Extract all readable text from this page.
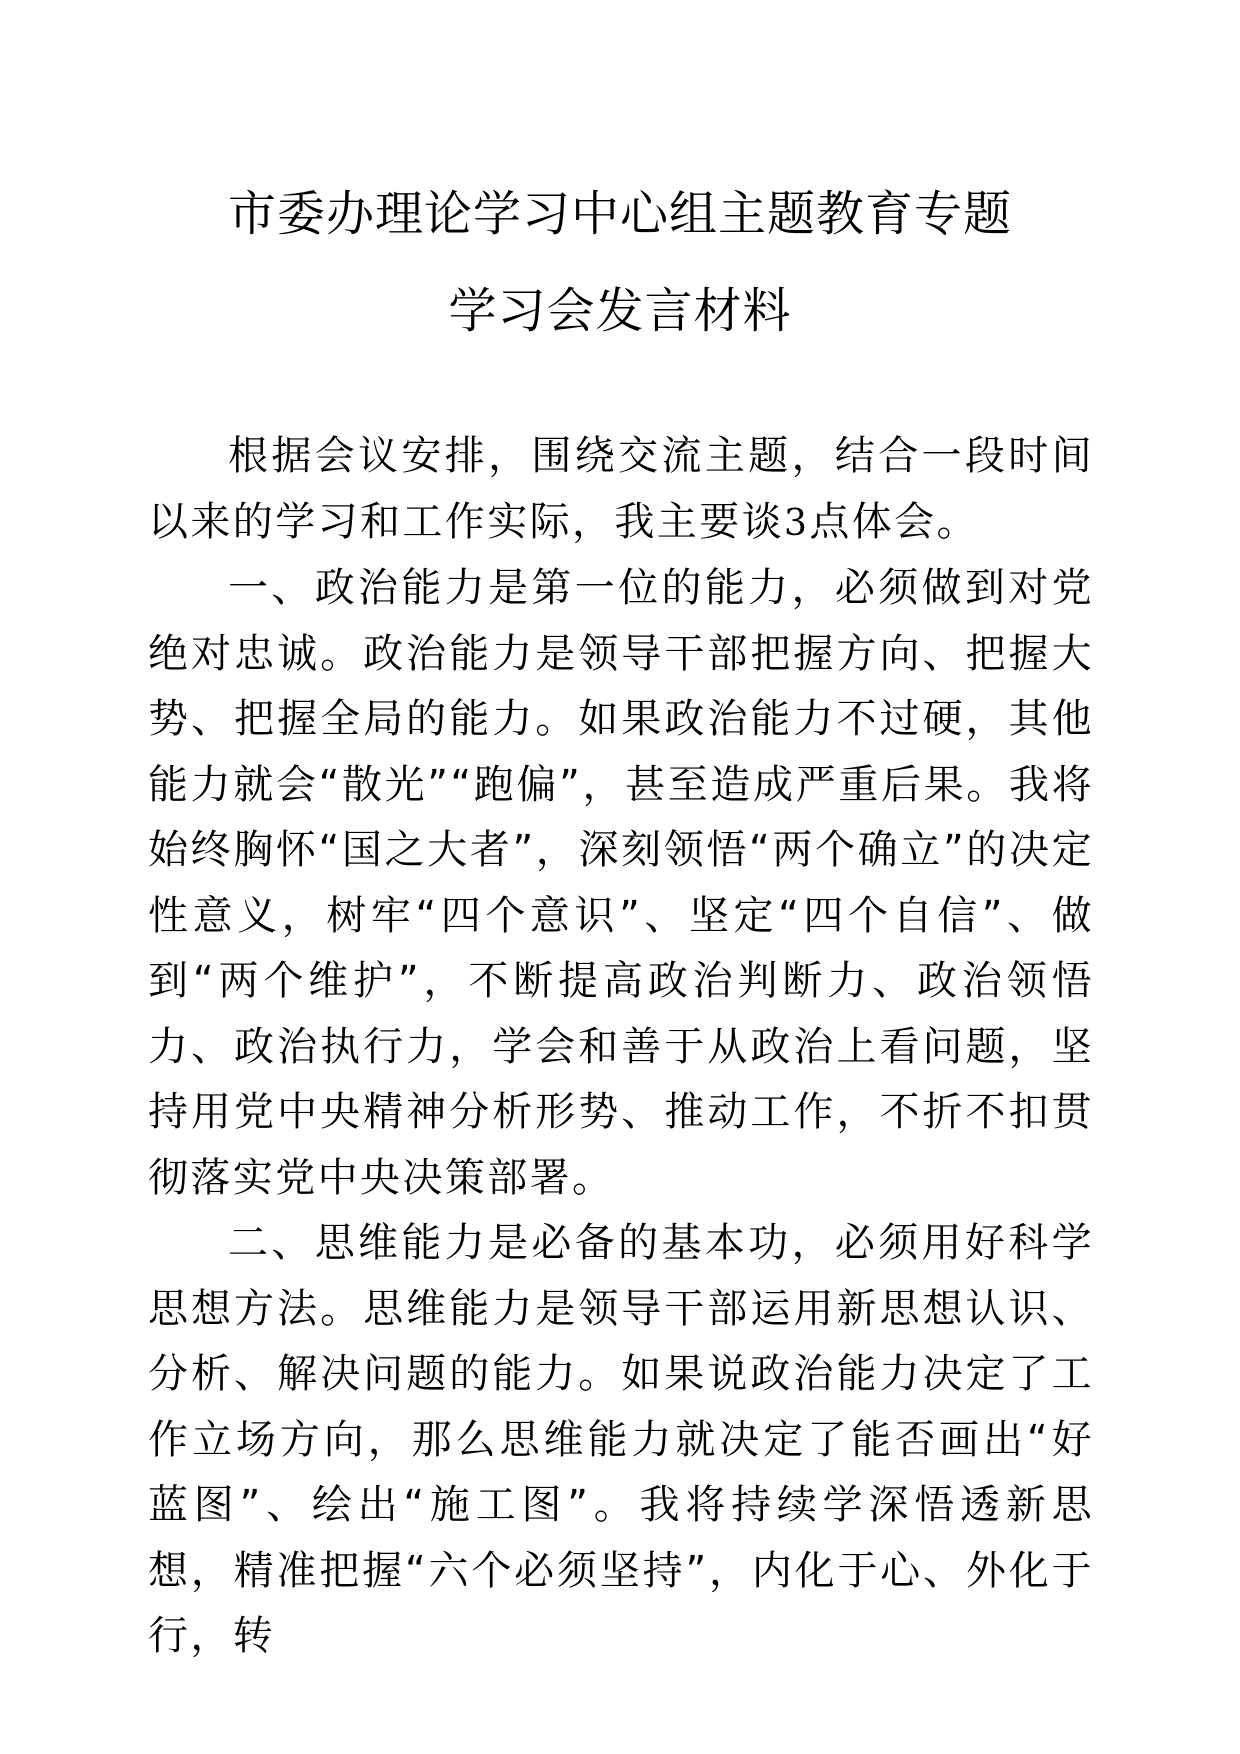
市委办理论学习中心组主题教育专题
学习会发言材料

根据会议安排，围绕交流主题，结合一段时间以来的学习和工作实际，我主要谈3点体会。

一、政治能力是第一位的能力，必须做到对党绝对忠诚。政治能力是领导干部把握方向、把握大势、把握全局的能力。如果政治能力不过硬，其他能力就会“散光”“跑偏”，甚至造成严重后果。我将始终胸怀“国之大者”，深刻领悟“两个确立”的决定性意义，树牢“四个意识”、坚定“四个自信”、做到“两个维护”，不断提高政治判断力、政治领悟力、政治执行力，学会和善于从政治上看问题，坚持用党中央精神分析形势、推动工作，不折不扣贯彻落实党中央决策部署。

二、思维能力是必备的基本功，必须用好科学思想方法。思维能力是领导干部运用新思想认识、分析、解决问题的能力。如果说政治能力决定了工作立场方向，那么思维能力就决定了能否画出“好蓝图”、绘出“施工图”。我将持续学深悟透新思想，精准把握“六个必须坚持”，内化于心、外化于行，转
